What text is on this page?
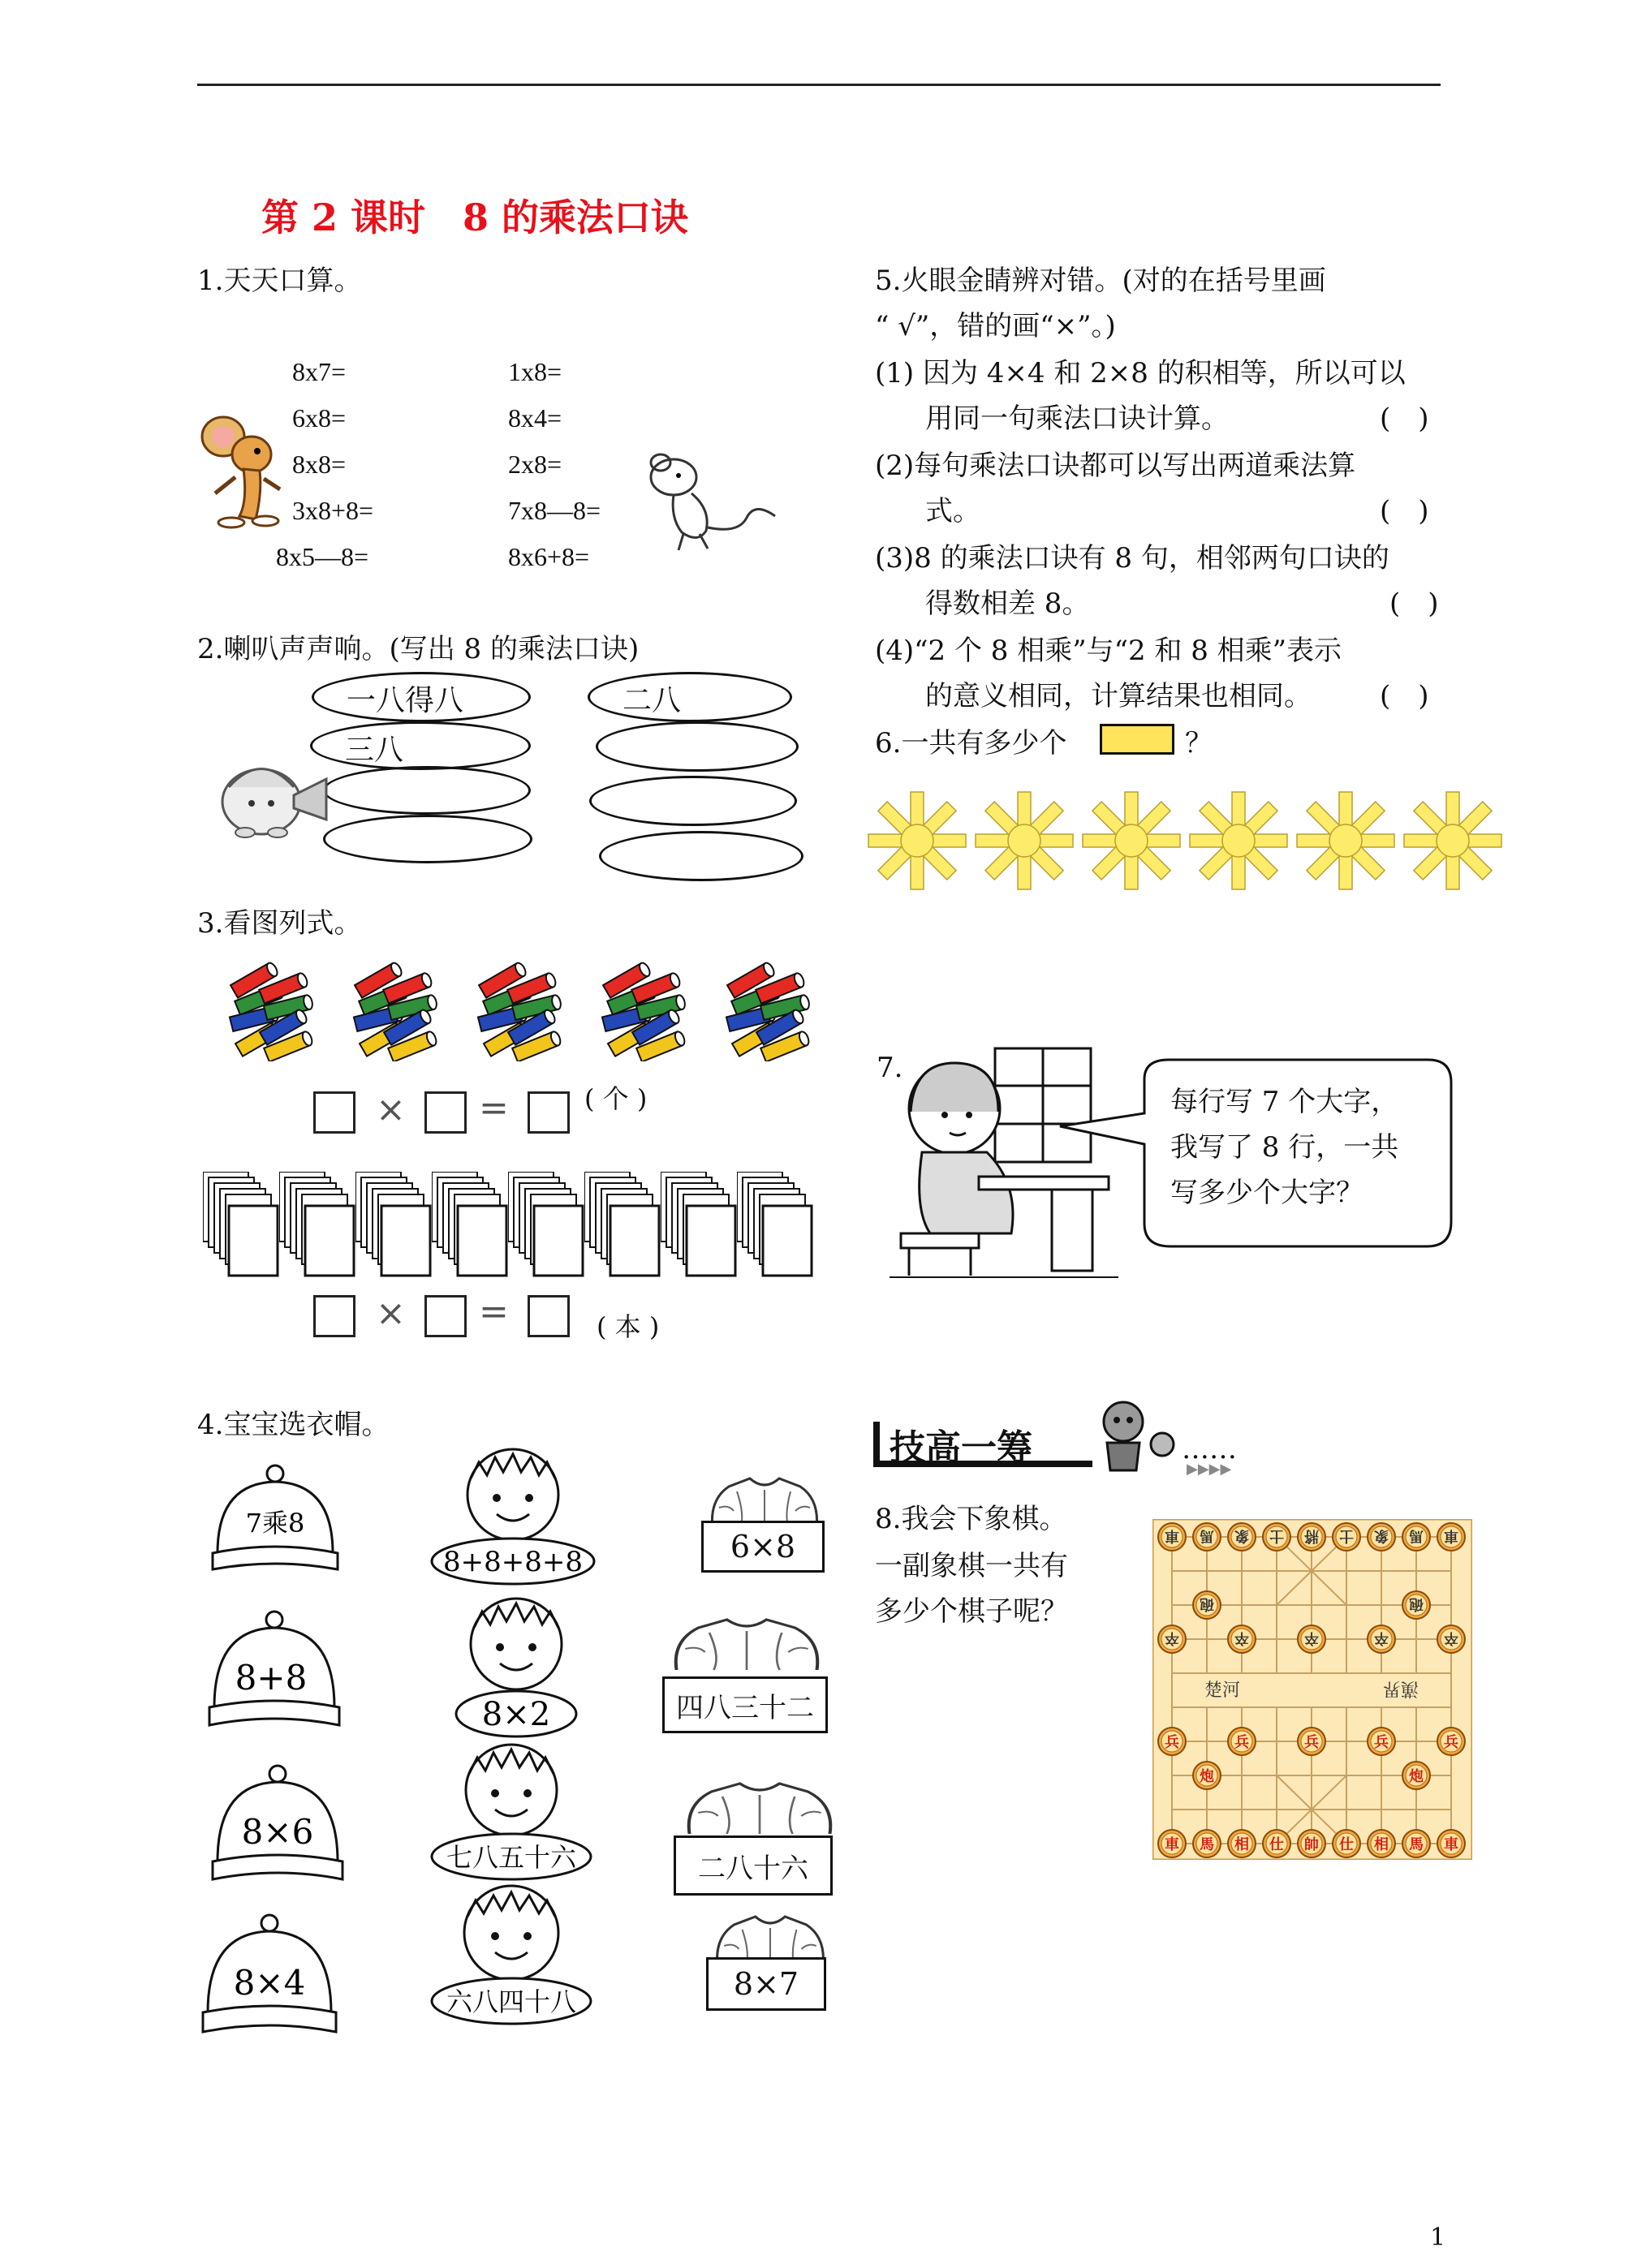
第 2 课时　8 的乘法口诀
1.天天口算。
8x7=	1x8=
6x8=	8x4=
8x8=	2x8=
3x8+8=	7x8—8=
8x5—8=	8x6+8=
2.喇叭声声响。(写出 8 的乘法口诀)
一八得八
三八
二八
3.看图列式。
× =	( 个 )
× =	( 本 )
4.宝宝选衣帽。
7乘8
8+8
8×6
8×4
8+8+8+8
8×2
七八五十六
六八四十八
6×8
四八三十二
二八十六
8×7
5.火眼金睛辨对错。(对的在括号里画
“ √”，错的画“×”。)
(1) 因为 4×4 和 2×8 的积相等，所以可以
用同一句乘法口诀计算。	(　)
(2)每句乘法口诀都可以写出两道乘法算
式。	(　)
(3)8 的乘法口诀有 8 句，相邻两句口诀的
得数相差 8。	(　)
(4)“2 个 8 相乘”与“2 和 8 相乘”表示
的意义相同，计算结果也相同。 (　)
6.一共有多少个	？
7.
每行写 7 个大字，
我写了 8 行，一共
写多少个大字？
技高一筹	……
▶▶▶▶
8.我会下象棋。
一副象棋一共有
多少个棋子呢？
楚河	漢界
車 馬 象 士 將 士 象 馬 車
砲	砲
卒	卒	卒	卒	卒
兵	兵	兵	兵	兵
炮	炮
車 馬 相 仕 帥 仕 相 馬 車
1
